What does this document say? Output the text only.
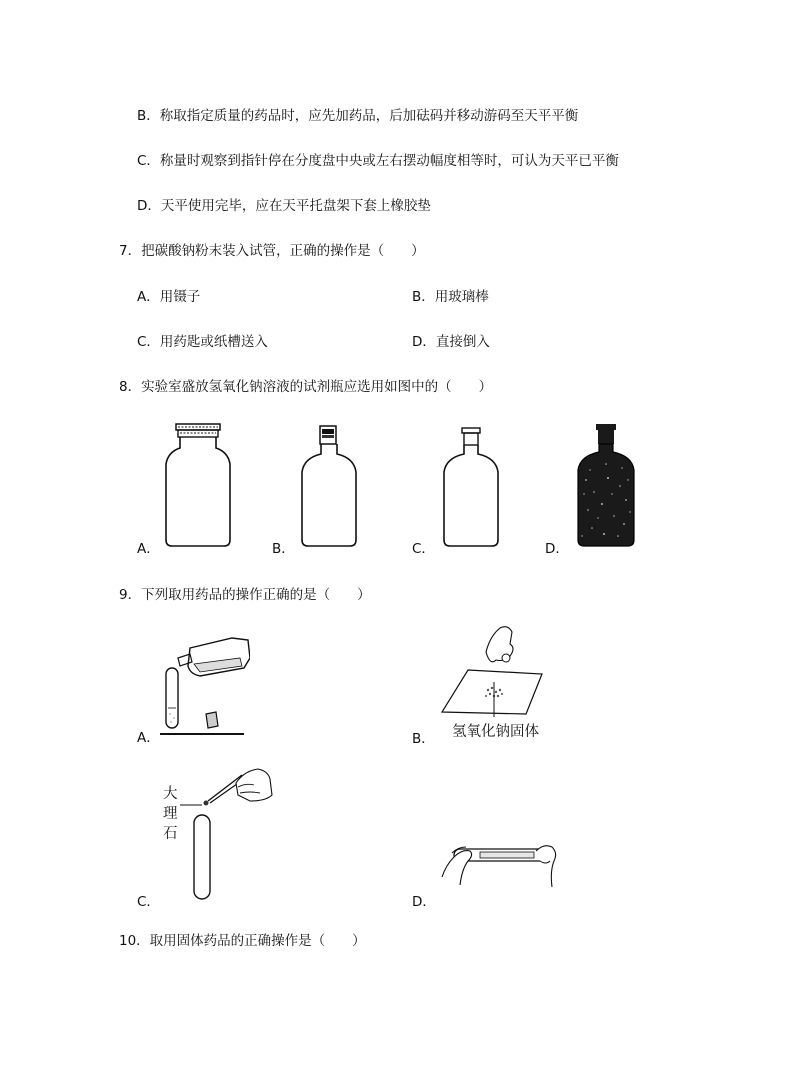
B．称取指定质量的药品时，应先加药品，后加砝码并移动游码至天平平衡
C．称量时观察到指针停在分度盘中央或左右摆动幅度相等时，可认为天平已平衡
D．天平使用完毕，应在天平托盘架下套上橡胶垫
7．把碳酸钠粉末装入试管，正确的操作是（　　）
A．用镊子	B．用玻璃棒
C．用药匙或纸槽送入	D．直接倒入
8．实验室盛放氢氧化钠溶液的试剂瓶应选用如图中的（　　）
A．	B．	C．	D．
9．下列取用药品的操作正确的是（　　）
A．	B． 氢氧化钠固体
大
理
石
C．	D．
10．取用固体药品的正确操作是（　　）
